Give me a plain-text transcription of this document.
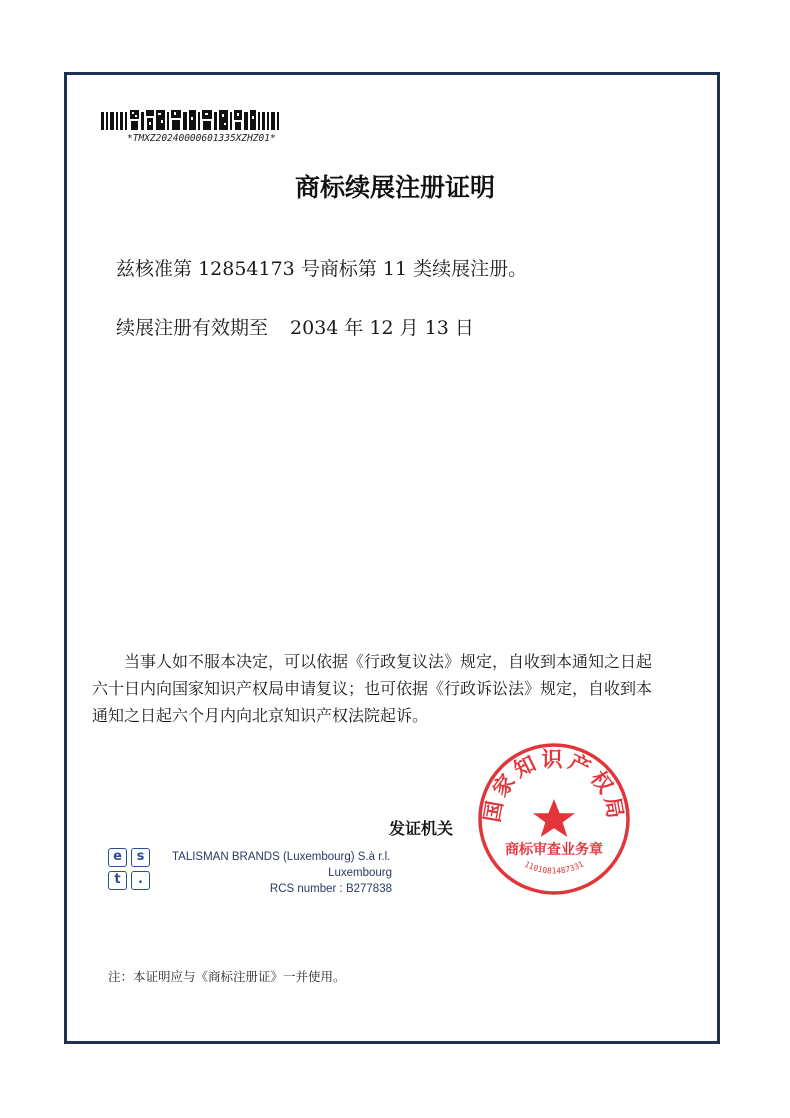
*TMXZ20240000601335XZHZ01*
商标续展注册证明
兹核准第 12854173 号商标第 11 类续展注册。
续展注册有效期至 2034 年 12 月 13 日
当事人如不服本决定，可以依据《行政复议法》规定，自收到本通知之日起
六十日内向国家知识产权局申请复议；也可依据《行政诉讼法》规定，自收到本
通知之日起六个月内向北京知识产权法院起诉。
发证机关
国家知识产权局
商标审查业务章
1101081487331
e	s
t	.
TALISMAN BRANDS (Luxembourg) S.à r.l.
Luxembourg
RCS number : B277838
注：本证明应与《商标注册证》一并使用。
